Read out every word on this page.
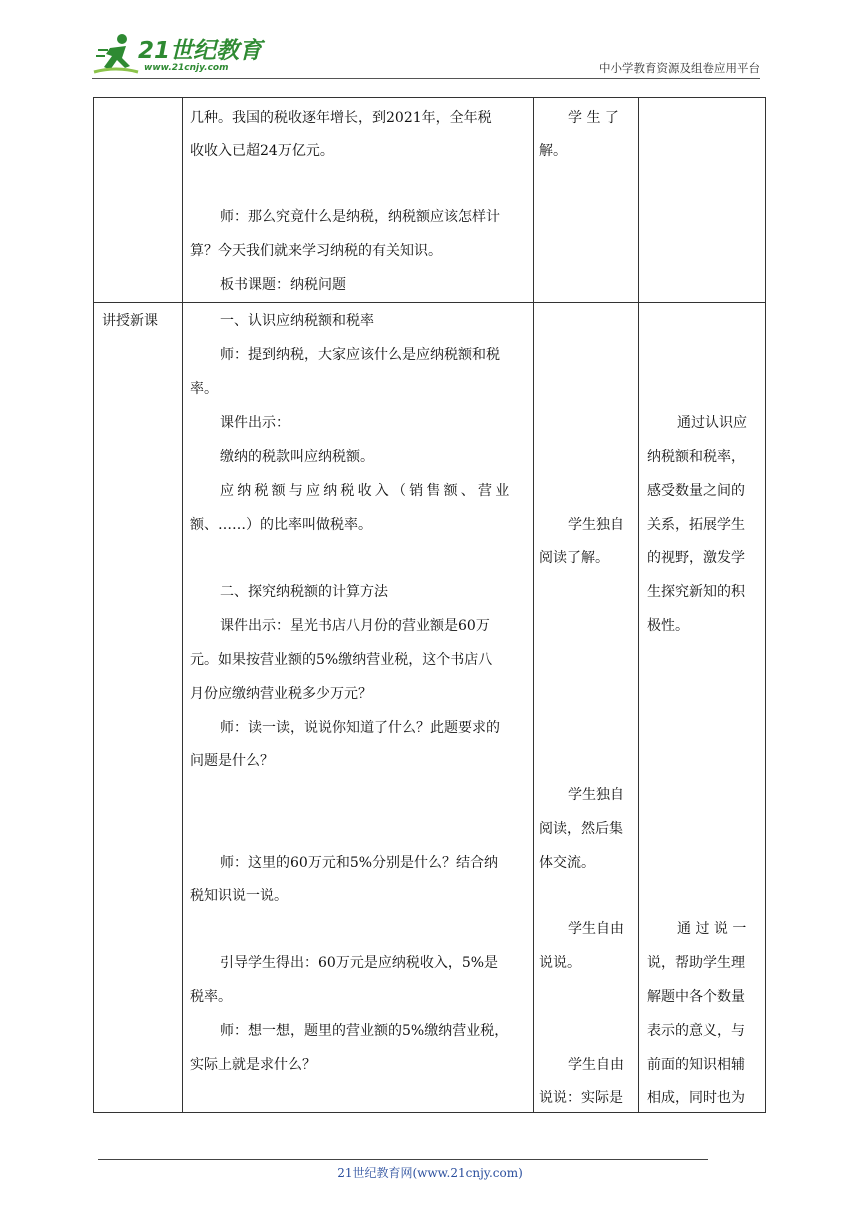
21世纪教育
www.21cnjy.com	中小学教育资源及组卷应用平台
几种。我国的税收逐年增长，到2021年，全年税
收收入已超24万亿元。
师：那么究竟什么是纳税，纳税额应该怎样计
算？今天我们就来学习纳税的有关知识。
板书课题：纳税问题
学 生 了
解。
讲授新课	一、认识应纳税额和税率
师：提到纳税，大家应该什么是应纳税额和税
率。
课件出示：
缴纳的税款叫应纳税额。
应纳税额与应纳税收入（销售额、营业
额、……）的比率叫做税率。
二、探究纳税额的计算方法
课件出示：星光书店八月份的营业额是60万
元。如果按营业额的5%缴纳营业税，这个书店八
月份应缴纳营业税多少万元？
师：读一读，说说你知道了什么？此题要求的
问题是什么？
师：这里的60万元和5%分别是什么？结合纳
税知识说一说。
引导学生得出：60万元是应纳税收入，5%是
税率。
师：想一想，题里的营业额的5%缴纳营业税，
实际上就是求什么？
学生独自
阅读了解。
学生独自
阅读，然后集
体交流。
学生自由
说说。
学生自由
说说：实际是
通过认识应
纳税额和税率，
感受数量之间的
关系，拓展学生
的视野，激发学
生探究新知的积
极性。
通 过 说 一
说，帮助学生理
解题中各个数量
表示的意义，与
前面的知识相辅
相成，同时也为
21世纪教育网(www.21cnjy.com)
